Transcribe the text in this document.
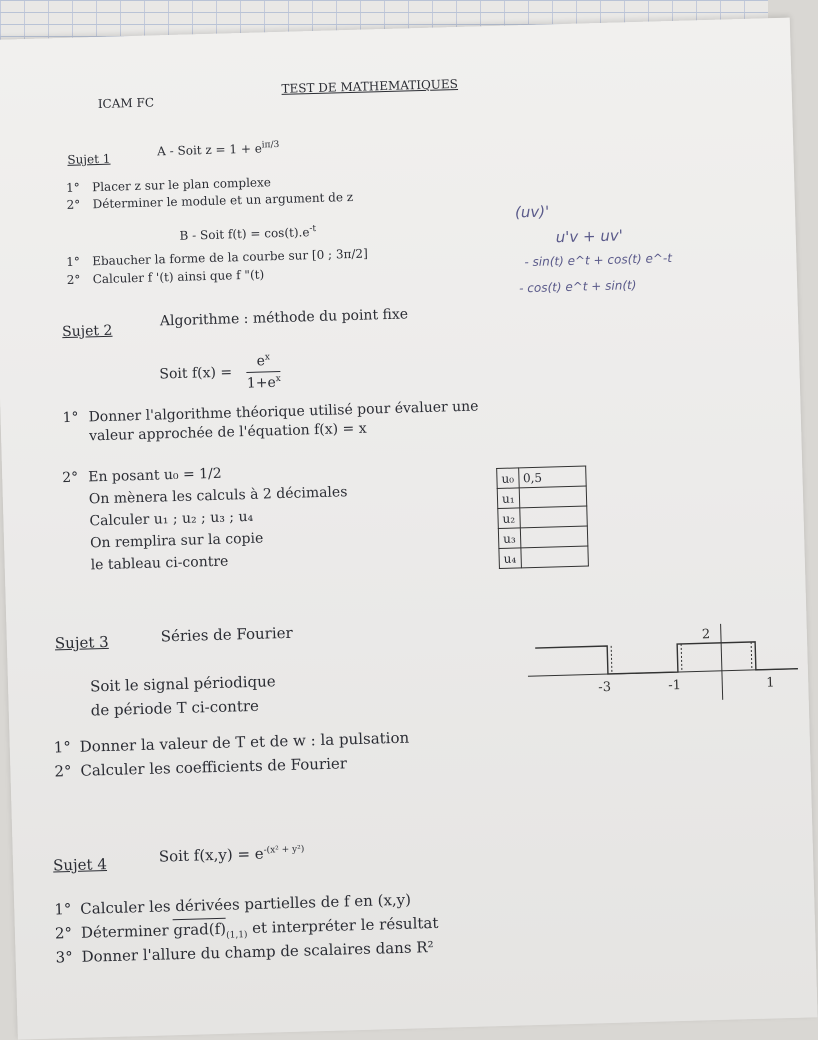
ICAM FC
TEST DE MATHEMATIQUES
Sujet 1
A - Soit $z = 1 + e^{i\pi/3}$
1° Placer z sur le plan complexe
2° Déterminer le module et un argument de z
B - Soit $f(t) = \cos(t).e^{-t}$
1° Ebaucher la forme de la courbe sur [0 ; 3π/2]
2° Calculer f '(t) ainsi que f "(t)
(uv)'
u'v + uv'
- sin(t) e^t + cos(t) e^-t
- cos(t) e^t + sin(t)
Sujet 2
Algorithme : méthode du point fixe
Soit $f(x) = \frac{e^x}{1+e^x}$
1° Donner l'algorithme théorique utilisé pour évaluer une
valeur approchée de l'équation f(x) = x
2° En posant u₀ = 1/2
On mènera les calculs à 2 décimales
Calculer u₁ ; u₂ ; u₃ ; u₄
On remplira sur la copie
le tableau ci-contre
u₀	0,5
u₁	
u₂	
u₃	
u₄	
Sujet 3	Séries de Fourier
Soit le signal périodique
de période T ci-contre
1° Donner la valeur de T et de w : la pulsation
2° Calculer les coefficients de Fourier
2
-3	-1	1
Sujet 4	Soit $f(x,y) = e^{-(x^2 + y^2)}$
1° Calculer les dérivées partielles de f en (x,y)
2° Déterminer $grad(f)_{(1,1)}$ et interpréter le résultat
3° Donner l'allure du champ de scalaires dans R²
